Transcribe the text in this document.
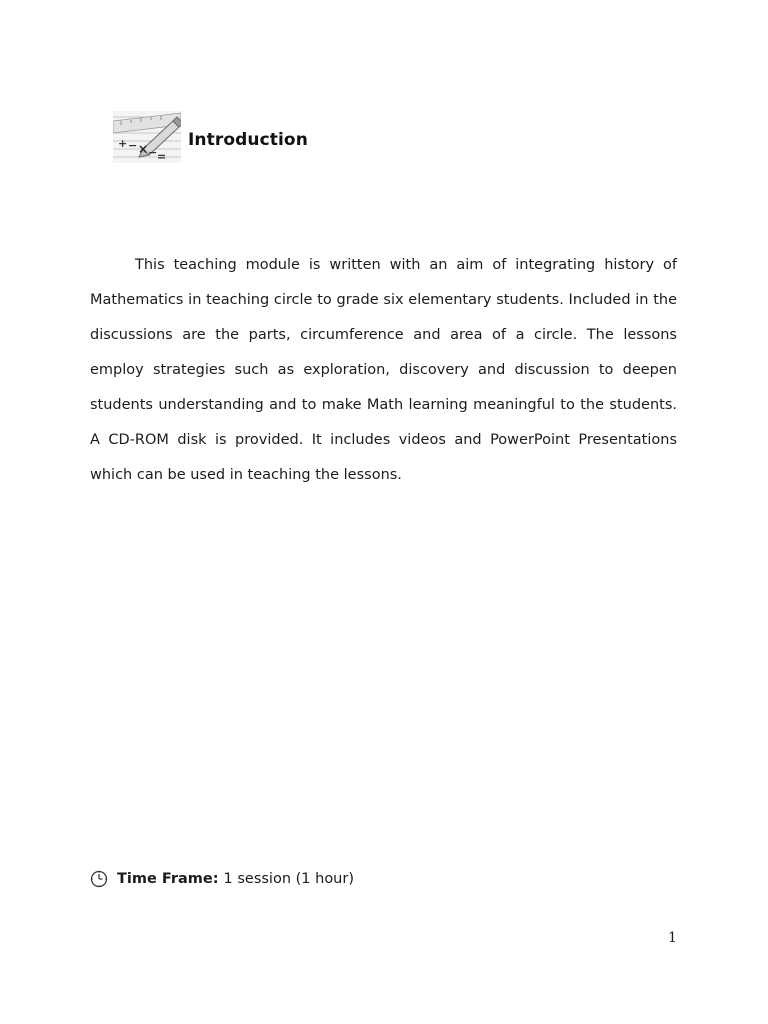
+ − × − =
Introduction

This teaching module is written with an aim of integrating history of Mathematics in teaching circle to grade six elementary students. Included in the discussions are the parts, circumference and area of a circle. The lessons employ strategies such as exploration, discovery and discussion to deepen students understanding and to make Math learning meaningful to the students. A CD-ROM disk is provided. It includes videos and PowerPoint Presentations which can be used in teaching the lessons.

Time Frame: 1 session (1 hour)
1
